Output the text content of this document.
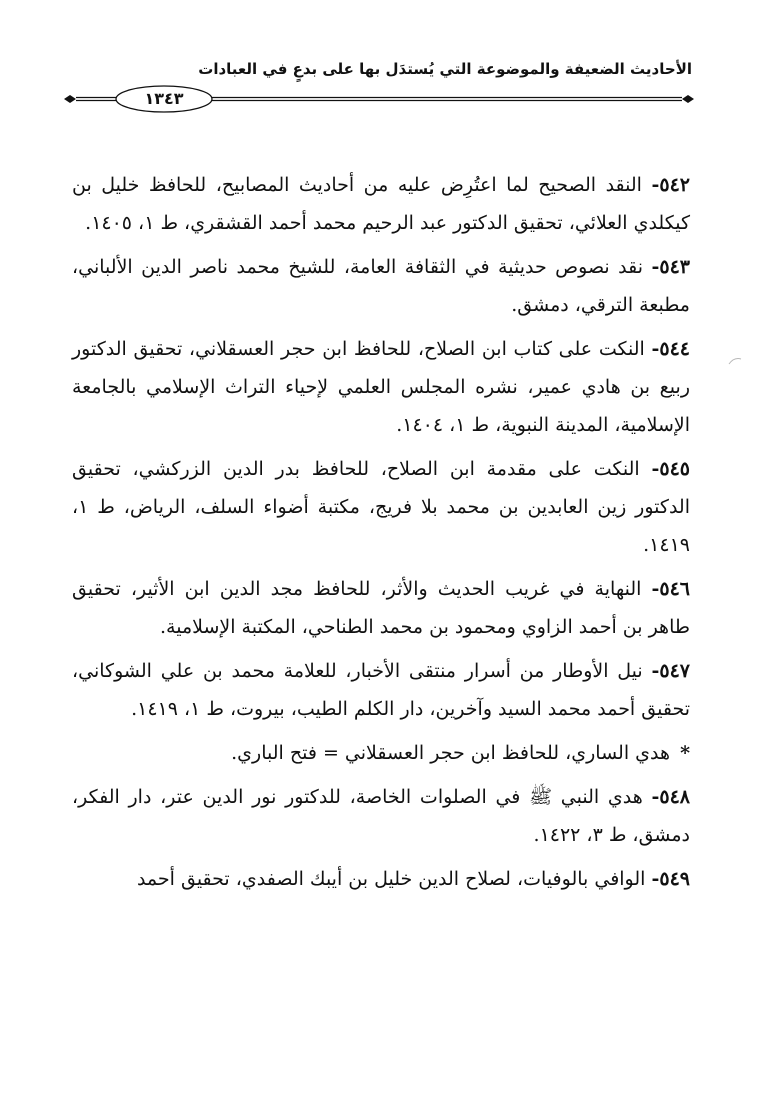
الأحاديث الضعيفة والموضوعة التي يُستدَل بها على بدعٍ في العبادات
١٣٤٣

٥٤٢- النقد الصحيح لما اعتُرِض عليه من أحاديث المصابيح، للحافظ خليل بن كيكلدي العلائي، تحقيق الدكتور عبد الرحيم محمد أحمد القشقري، ط ١، ١٤٠٥.

٥٤٣- نقد نصوص حديثية في الثقافة العامة، للشيخ محمد ناصر الدين الألباني، مطبعة الترقي، دمشق.

٥٤٤- النكت على كتاب ابن الصلاح، للحافظ ابن حجر العسقلاني، تحقيق الدكتور ربيع بن هادي عمير، نشره المجلس العلمي لإحياء التراث الإسلامي بالجامعة الإسلامية، المدينة النبوية، ط ١، ١٤٠٤.

٥٤٥- النكت على مقدمة ابن الصلاح، للحافظ بدر الدين الزركشي، تحقيق الدكتور زين العابدين بن محمد بلا فريج، مكتبة أضواء السلف، الرياض، ط ١، ١٤١٩.

٥٤٦- النهاية في غريب الحديث والأثر، للحافظ مجد الدين ابن الأثير، تحقيق طاهر بن أحمد الزاوي ومحمود بن محمد الطناحي، المكتبة الإسلامية.

٥٤٧- نيل الأوطار من أسرار منتقى الأخبار، للعلامة محمد بن علي الشوكاني، تحقيق أحمد محمد السيد وآخرين، دار الكلم الطيب، بيروت، ط ١، ١٤١٩.

* هدي الساري، للحافظ ابن حجر العسقلاني = فتح الباري.

٥٤٨- هدي النبي ﷺ في الصلوات الخاصة، للدكتور نور الدين عتر، دار الفكر، دمشق، ط ٣، ١٤٢٢.

٥٤٩- الوافي بالوفيات، لصلاح الدين خليل بن أيبك الصفدي، تحقيق أحمد
